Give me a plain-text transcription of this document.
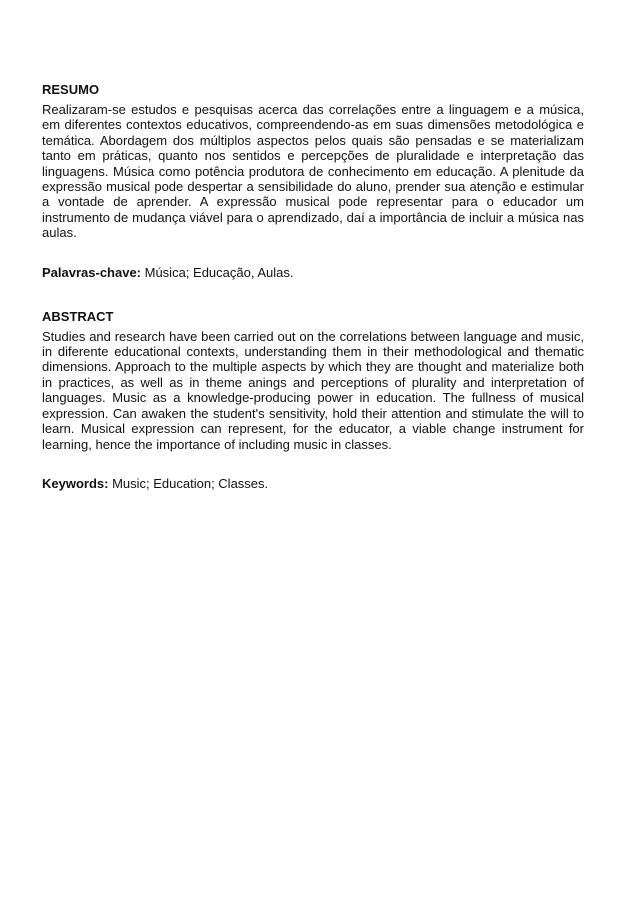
RESUMO

Realizaram-se estudos e pesquisas acerca das correlações entre a linguagem e a música, em diferentes contextos educativos, compreendendo-as em suas dimensões metodológica e temática. Abordagem dos múltiplos aspectos pelos quais são pensadas e se materializam tanto em práticas, quanto nos sentidos e percepções de pluralidade e interpretação das linguagens. Música como potência produtora de conhecimento em educação. A plenitude da expressão musical pode despertar a sensibilidade do aluno, prender sua atenção e estimular a vontade de aprender. A expressão musical pode representar para o educador um instrumento de mudança viável para o aprendizado, daí a importância de incluir a música nas aulas.

Palavras-chave: Música; Educação, Aulas.

ABSTRACT

Studies and research have been carried out on the correlations between language and music, in diferente educational contexts, understanding them in their methodological and thematic dimensions. Approach to the multiple aspects by which they are thought and materialize both in practices, as well as in theme anings and perceptions of plurality and interpretation of languages. Music as a knowledge-producing power in education. The fullness of musical expression. Can awaken the student's sensitivity, hold their attention and stimulate the will to learn. Musical expression can represent, for the educator, a viable change instrument for learning, hence the importance of including music in classes.

Keywords: Music; Education; Classes.
